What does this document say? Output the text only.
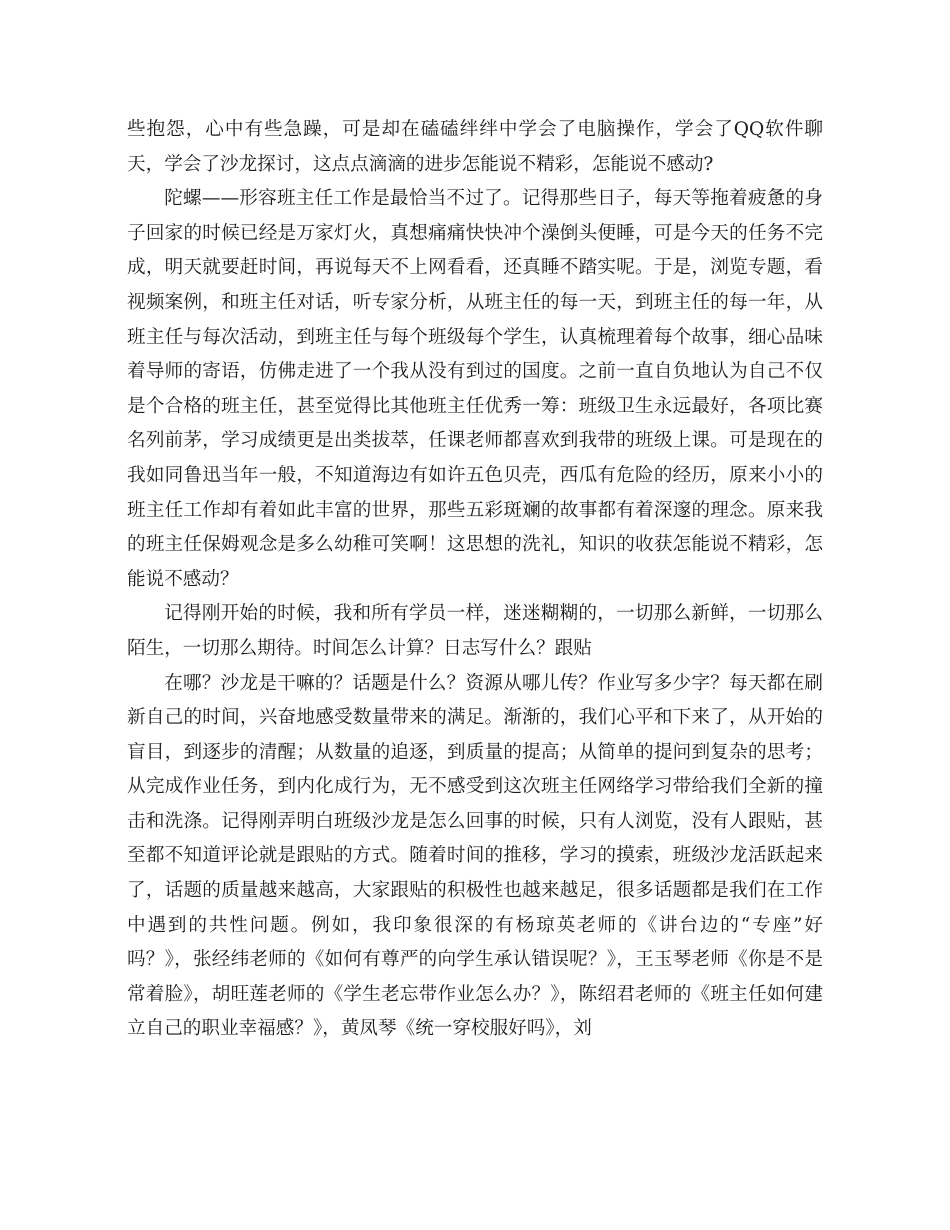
些抱怨，心中有些急躁，可是却在磕磕绊绊中学会了电脑操作，学会了QQ软件聊天，学会了沙龙探讨，这点点滴滴的进步怎能说不精彩，怎能说不感动?

陀螺——形容班主任工作是最恰当不过了。记得那些日子，每天等拖着疲惫的身子回家的时候已经是万家灯火，真想痛痛快快冲个澡倒头便睡，可是今天的任务不完成，明天就要赶时间，再说每天不上网看看，还真睡不踏实呢。于是，浏览专题，看视频案例，和班主任对话，听专家分析，从班主任的每一天，到班主任的每一年，从班主任与每次活动，到班主任与每个班级每个学生，认真梳理着每个故事，细心品味着导师的寄语，仿佛走进了一个我从没有到过的国度。之前一直自负地认为自己不仅是个合格的班主任，甚至觉得比其他班主任优秀一筹：班级卫生永远最好，各项比赛名列前茅，学习成绩更是出类拔萃，任课老师都喜欢到我带的班级上课。可是现在的我如同鲁迅当年一般，不知道海边有如许五色贝壳，西瓜有危险的经历，原来小小的班主任工作却有着如此丰富的世界，那些五彩斑斓的故事都有着深邃的理念。原来我的班主任保姆观念是多么幼稚可笑啊！这思想的洗礼，知识的收获怎能说不精彩，怎能说不感动？

记得刚开始的时候，我和所有学员一样，迷迷糊糊的，一切那么新鲜，一切那么陌生，一切那么期待。时间怎么计算？日志写什么？跟贴

在哪？沙龙是干嘛的？话题是什么？资源从哪儿传？作业写多少字？每天都在刷新自己的时间，兴奋地感受数量带来的满足。渐渐的，我们心平和下来了，从开始的盲目，到逐步的清醒；从数量的追逐，到质量的提高；从简单的提问到复杂的思考；从完成作业任务，到内化成行为，无不感受到这次班主任网络学习带给我们全新的撞击和洗涤。记得刚弄明白班级沙龙是怎么回事的时候，只有人浏览，没有人跟贴，甚至都不知道评论就是跟贴的方式。随着时间的推移，学习的摸索，班级沙龙活跃起来了，话题的质量越来越高，大家跟贴的积极性也越来越足，很多话题都是我们在工作中遇到的共性问题。例如，我印象很深的有杨琼英老师的《讲台边的“专座”好吗？》，张经纬老师的《如何有尊严的向学生承认错误呢？》，王玉琴老师《你是不是常着脸》，胡旺莲老师的《学生老忘带作业怎么办？》，陈绍君老师的《班主任如何建立自己的职业幸福感？》，黄凤琴《统一穿校服好吗》，刘
